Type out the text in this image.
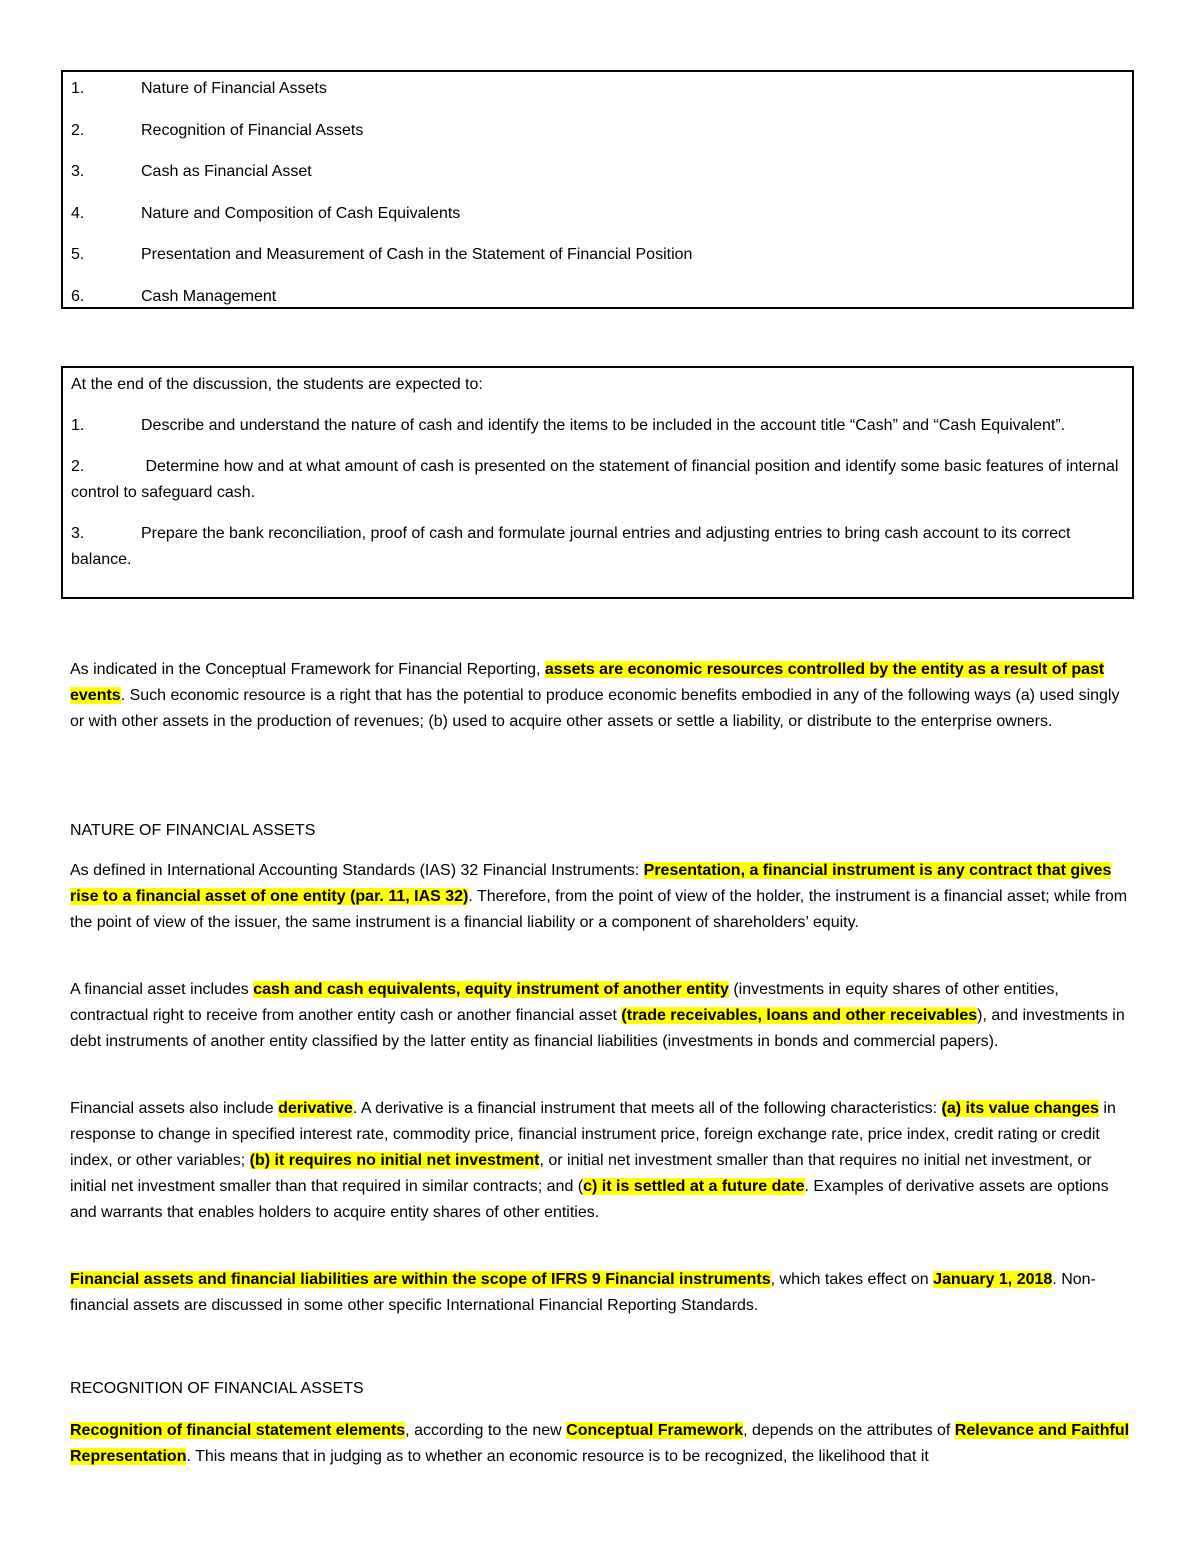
1.	Nature of Financial Assets
2.	Recognition of Financial Assets
3.	Cash as Financial Asset
4.	Nature and Composition of Cash Equivalents
5.	Presentation and Measurement of Cash in the Statement of Financial Position
6.	Cash Management

At the end of the discussion, the students are expected to:

1.	Describe and understand the nature of cash and identify the items to be included in the account title “Cash” and “Cash Equivalent”.

2.	Determine how and at what amount of cash is presented on the statement of financial position and identify some basic features of internal control to safeguard cash.

3.	Prepare the bank reconciliation, proof of cash and formulate journal entries and adjusting entries to bring cash account to its correct balance.

As indicated in the Conceptual Framework for Financial Reporting, assets are economic resources controlled by the entity as a result of past events. Such economic resource is a right that has the potential to produce economic benefits embodied in any of the following ways (a) used singly or with other assets in the production of revenues; (b) used to acquire other assets or settle a liability, or distribute to the enterprise owners.

NATURE OF FINANCIAL ASSETS

As defined in International Accounting Standards (IAS) 32 Financial Instruments: Presentation, a financial instrument is any contract that gives rise to a financial asset of one entity (par. 11, IAS 32). Therefore, from the point of view of the holder, the instrument is a financial asset; while from the point of view of the issuer, the same instrument is a financial liability or a component of shareholders’ equity.

A financial asset includes cash and cash equivalents, equity instrument of another entity (investments in equity shares of other entities, contractual right to receive from another entity cash or another financial asset (trade receivables, loans and other receivables), and investments in debt instruments of another entity classified by the latter entity as financial liabilities (investments in bonds and commercial papers).

Financial assets also include derivative. A derivative is a financial instrument that meets all of the following characteristics: (a) its value changes in response to change in specified interest rate, commodity price, financial instrument price, foreign exchange rate, price index, credit rating or credit index, or other variables; (b) it requires no initial net investment, or initial net investment smaller than that requires no initial net investment, or initial net investment smaller than that required in similar contracts; and (c) it is settled at a future date. Examples of derivative assets are options and warrants that enables holders to acquire entity shares of other entities.

Financial assets and financial liabilities are within the scope of IFRS 9 Financial instruments, which takes effect on January 1, 2018. Non-financial assets are discussed in some other specific International Financial Reporting Standards.

RECOGNITION OF FINANCIAL ASSETS

Recognition of financial statement elements, according to the new Conceptual Framework, depends on the attributes of Relevance and Faithful Representation. This means that in judging as to whether an economic resource is to be recognized, the likelihood that it
